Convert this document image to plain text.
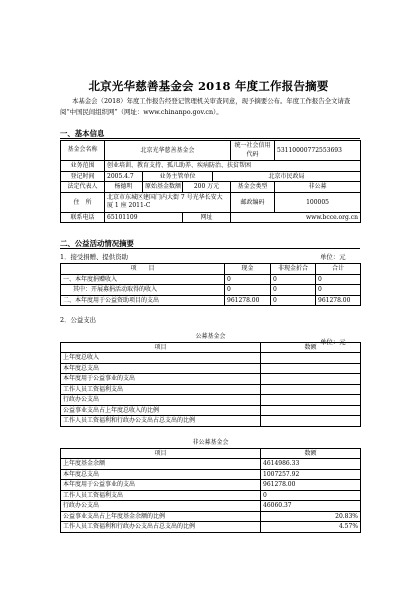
北京光华慈善基金会 2018 年度工作报告摘要
本基金会（2018）年度工作报告经登记管理机关审查同意，现予摘要公布。年度工作报告全文请查阅“中国民间组织网”（网址：www.chinanpo.gov.cn）。
一、基本信息
基金会名称	北京光华慈善基金会				统一社会信用代码	53110000772553693
业务范围	创业培训、教育支持、孤儿助养、疾病防治、扶贫帮困					
登记时间	2005.4.7	业务主管单位		北京市民政局		
法定代表人	杨德明	原始基金数额	200 万元		基金会类型	非公募
住　所	北京市东城区建国门内大街 7 号光华长安大厦 1 座 2011-C				邮政编码	100005
联系电话	65101109		网址		www.bcce.org.cn	
二、公益活动情况摘要
1．接受捐赠、提供资助	单位：元
项　　目	现金	非现金折合	合计
一、本年度捐赠收入	0	0	0
其中：开展募捐活动取得的收入	0	0	0
二、本年度用于公益资助项目的支出	961278.00	0	961278.00
2．公益支出
单位：元
公募基金会	
项目	数额
上年度总收入	
本年度总支出	
本年度用于公益事业的支出	
工作人员工资福利支出	
行政办公支出	
公益事业支出占上年度总收入的比例	
工作人员工资福利和行政办公支出占总支出的比例	
非公募基金会	
项目	数额
上年度基金余额	4614986.33
本年度总支出	1007257.92
本年度用于公益事业的支出	961278.00
工作人员工资福利支出	0
行政办公支出	46060.37
公益事业支出占上年度基金余额的比例	20.83%
工作人员工资福利和行政办公支出占总支出的比例	4.57%
